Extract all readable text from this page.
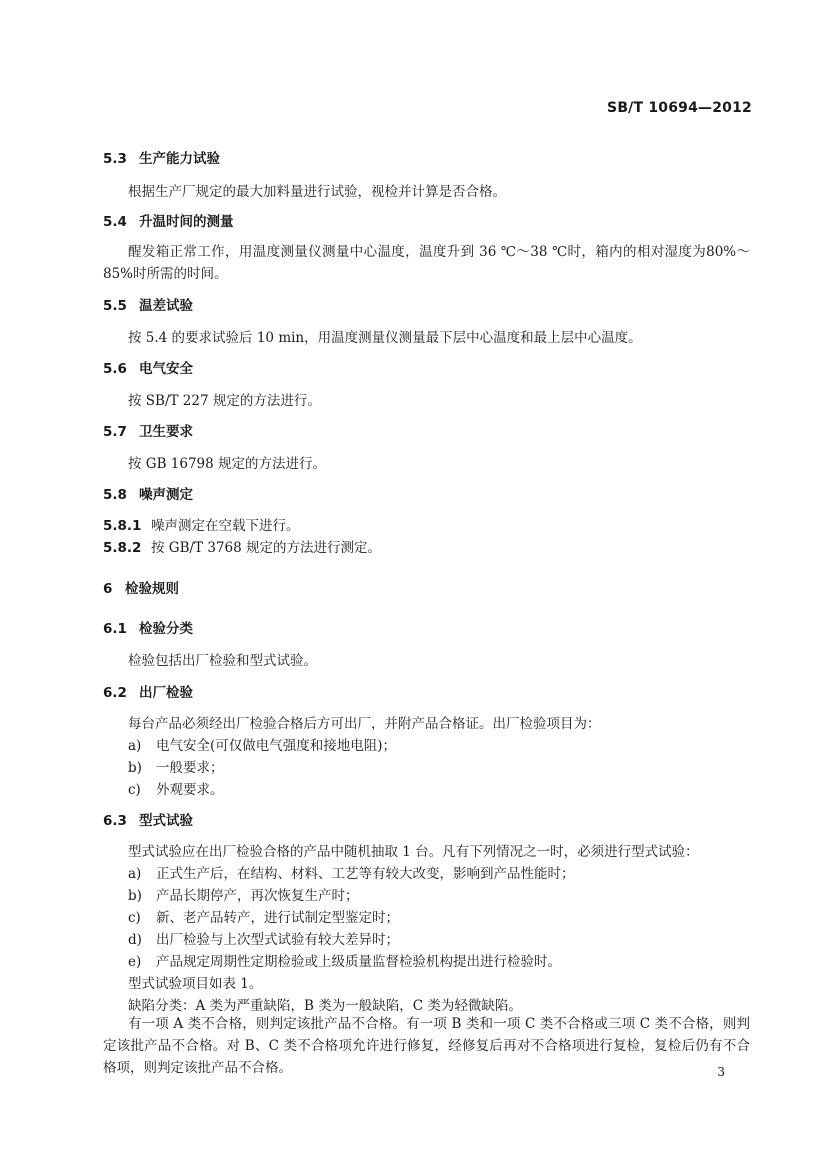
SB/T 10694—2012
5.3 生产能力试验
根据生产厂规定的最大加料量进行试验，视检并计算是否合格。
5.4 升温时间的测量
醒发箱正常工作，用温度测量仪测量中心温度，温度升到 36 ℃～38 ℃时，箱内的相对湿度为80%～85%时所需的时间。
5.5 温差试验
按 5.4 的要求试验后 10 min，用温度测量仪测量最下层中心温度和最上层中心温度。
5.6 电气安全
按 SB/T 227 规定的方法进行。
5.7 卫生要求
按 GB 16798 规定的方法进行。
5.8 噪声测定
5.8.1 噪声测定在空载下进行。
5.8.2 按 GB/T 3768 规定的方法进行测定。
6 检验规则
6.1 检验分类
检验包括出厂检验和型式试验。
6.2 出厂检验
每台产品必须经出厂检验合格后方可出厂，并附产品合格证。出厂检验项目为：
a) 电气安全(可仅做电气强度和接地电阻)；
b) 一般要求；
c) 外观要求。
6.3 型式试验
型式试验应在出厂检验合格的产品中随机抽取 1 台。凡有下列情况之一时，必须进行型式试验：
a) 正式生产后，在结构、材料、工艺等有较大改变，影响到产品性能时；
b) 产品长期停产，再次恢复生产时；
c) 新、老产品转产，进行试制定型鉴定时；
d) 出厂检验与上次型式试验有较大差异时；
e) 产品规定周期性定期检验或上级质量监督检验机构提出进行检验时。
型式试验项目如表 1。
缺陷分类：A 类为严重缺陷，B 类为一般缺陷，C 类为轻微缺陷。
有一项 A 类不合格，则判定该批产品不合格。有一项 B 类和一项 C 类不合格或三项 C 类不合格，则判定该批产品不合格。对 B、C 类不合格项允许进行修复，经修复后再对不合格项进行复检，复检后仍有不合格项，则判定该批产品不合格。	3
